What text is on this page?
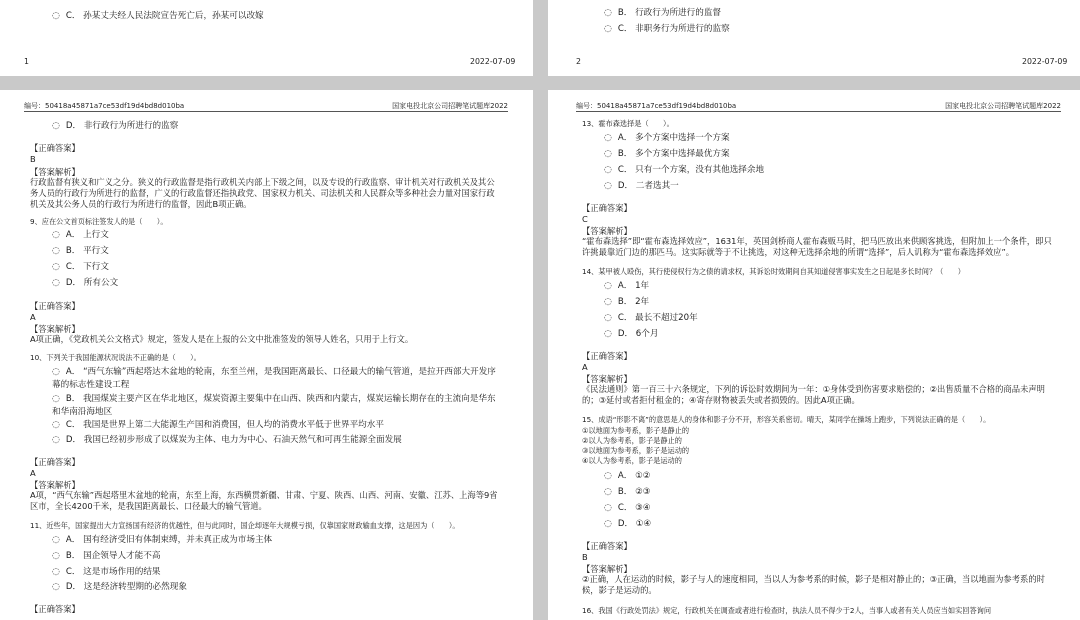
◌ C． 孙某丈夫经人民法院宣告死亡后，孙某可以改嫁
1	2022-07-09
◌ B． 行政行为所进行的监督
◌ C． 非职务行为所进行的监察
2	2022-07-09
编号：50418a45871a7ce53df19d4bd8d010ba	国家电投北京公司招聘笔试题库2022
◌ D． 非行政行为所进行的监察
【正确答案】
B
【答案解析】
行政监督有狭义和广义之分。狭义的行政监督是指行政机关内部上下级之间，以及专设的行政监察、审计机关对行政机关及其公务人员的行政行为所进行的监督，广义的行政监督还指执政党、国家权力机关、司法机关和人民群众等多种社会力量对国家行政机关及其公务人员的行政行为所进行的监督，因此B项正确。
9、应在公文首页标注签发人的是（　　）。
◌ A． 上行文
◌ B． 平行文
◌ C． 下行文
◌ D． 所有公文
【正确答案】
A
【答案解析】
A项正确，《党政机关公文格式》规定，签发人是在上报的公文中批准签发的领导人姓名，只用于上行文。
10、下列关于我国能源状况说法不正确的是（　　）。
◌ A． “西气东输”西起塔达木盆地的轮南，东至兰州，是我国距离最长、口径最大的输气管道，是拉开西部大开发序
幕的标志性建设工程
◌ B． 我国煤炭主要产区在华北地区，煤炭资源主要集中在山西、陕西和内蒙古，煤炭运输长期存在的主流向是华东
和华南沿海地区
◌ C． 我国是世界上第二大能源生产国和消费国，但人均的消费水平低于世界平均水平
◌ D． 我国已经初步形成了以煤炭为主体、电力为中心、石油天然气和可再生能源全面发展
【正确答案】
A
【答案解析】
A项，“西气东输”西起塔里木盆地的轮南，东至上海，东西横贯新疆、甘肃、宁夏、陕西、山西、河南、安徽、江苏、上海等9省区市，全长4200千米，是我国距离最长、口径最大的输气管道。
11、近些年，国家提出大力宣扬国有经济的优越性，但与此同时，国企却逐年大规模亏损，仅靠国家财政输血支撑，这是因为（　　）。
◌ A． 国有经济受旧有体制束缚，并未真正成为市场主体
◌ B． 国企领导人才能不高
◌ C． 这是市场作用的结果
◌ D． 这是经济转型期的必然现象
【正确答案】
编号：50418a45871a7ce53df19d4bd8d010ba	国家电投北京公司招聘笔试题库2022
13、霍布森选择是（　　）。
◌ A． 多个方案中选择一个方案
◌ B． 多个方案中选择最优方案
◌ C． 只有一个方案，没有其他选择余地
◌ D． 二者选其一
【正确答案】
C
【答案解析】
“霍布森选择”即“霍布森选择效应”，1631年，英国剑桥商人霍布森贩马时，把马匹放出来供顾客挑选，但附加上一个条件，即只许挑最靠近门边的那匹马。这实际就等于不让挑选，对这种无选择余地的所谓“选择”，后人讥称为“霍布森选择效应”。
14、某甲被人殴伤，其行使侵权行为之债的请求权，其诉讼时效期间自其知道侵害事实发生之日起是多长时间？（　　）
◌ A． 1年
◌ B． 2年
◌ C． 最长不超过20年
◌ D． 6个月
【正确答案】
A
【答案解析】
《民法通则》第一百三十六条规定，下列的诉讼时效期间为一年：①身体受到伤害要求赔偿的；②出售质量不合格的商品未声明的；③延付或者拒付租金的；④寄存财物被丢失或者损毁的。因此A项正确。
15、成语“形影不离”的意思是人的身体和影子分不开，形容关系密切。晴天，某同学在操场上跑步，下列说法正确的是（　　）。
①以地面为参考系，影子是静止的
②以人为参考系，影子是静止的
③以地面为参考系，影子是运动的
④以人为参考系，影子是运动的
◌ A． ①②
◌ B． ②③
◌ C． ③④
◌ D． ①④
【正确答案】
B
【答案解析】
②正确，人在运动的时候，影子与人的速度相同，当以人为参考系的时候，影子是相对静止的；③正确，当以地面为参考系的时候，影子是运动的。
16、我国《行政处罚法》规定，行政机关在调查或者进行检查时，执法人员不得少于2人，当事人或者有关人员应当如实回答询问
